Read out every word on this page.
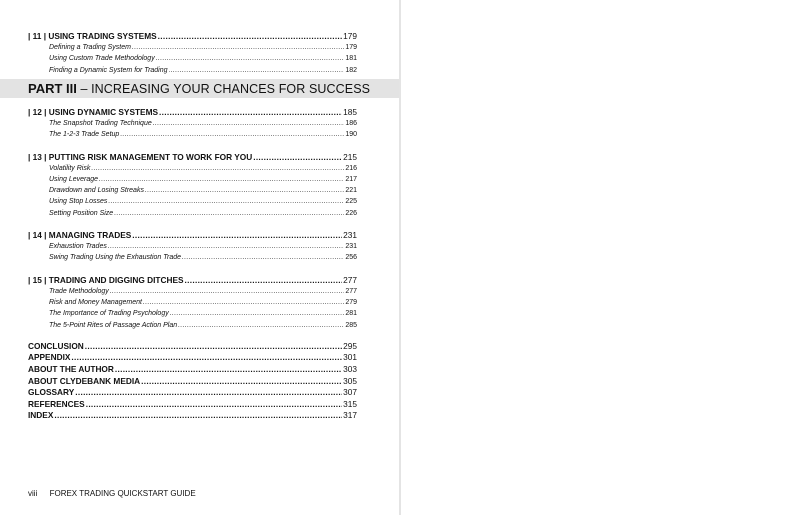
| 11 | USING TRADING SYSTEMS .....	179
Defining a Trading System .....	179
Using Custom Trade Methodology .....	181
Finding a Dynamic System for Trading .....	182
PART III – INCREASING YOUR CHANCES FOR SUCCESS
| 12 | USING DYNAMIC SYSTEMS .....	185
The Snapshot Trading Technique .....	186
The 1-2-3 Trade Setup .....	190
| 13 | PUTTING RISK MANAGEMENT TO WORK FOR YOU .....	215
Volatility Risk .....	216
Using Leverage .....	217
Drawdown and Losing Streaks .....	221
Using Stop Losses .....	225
Setting Position Size .....	226
| 14 | MANAGING TRADES .....	231
Exhaustion Trades .....	231
Swing Trading Using the Exhaustion Trade .....	256
| 15 | TRADING AND DIGGING DITCHES .....	277
Trade Methodology .....	277
Risk and Money Management .....	279
The Importance of Trading Psychology .....	281
The 5-Point Rites of Passage Action Plan .....	285
CONCLUSION .....	295
APPENDIX .....	301
ABOUT THE AUTHOR .....	303
ABOUT CLYDEBANK MEDIA .....	305
GLOSSARY .....	307
REFERENCES .....	315
INDEX .....	317
viii FOREX TRADING QUICKSTART GUIDE
